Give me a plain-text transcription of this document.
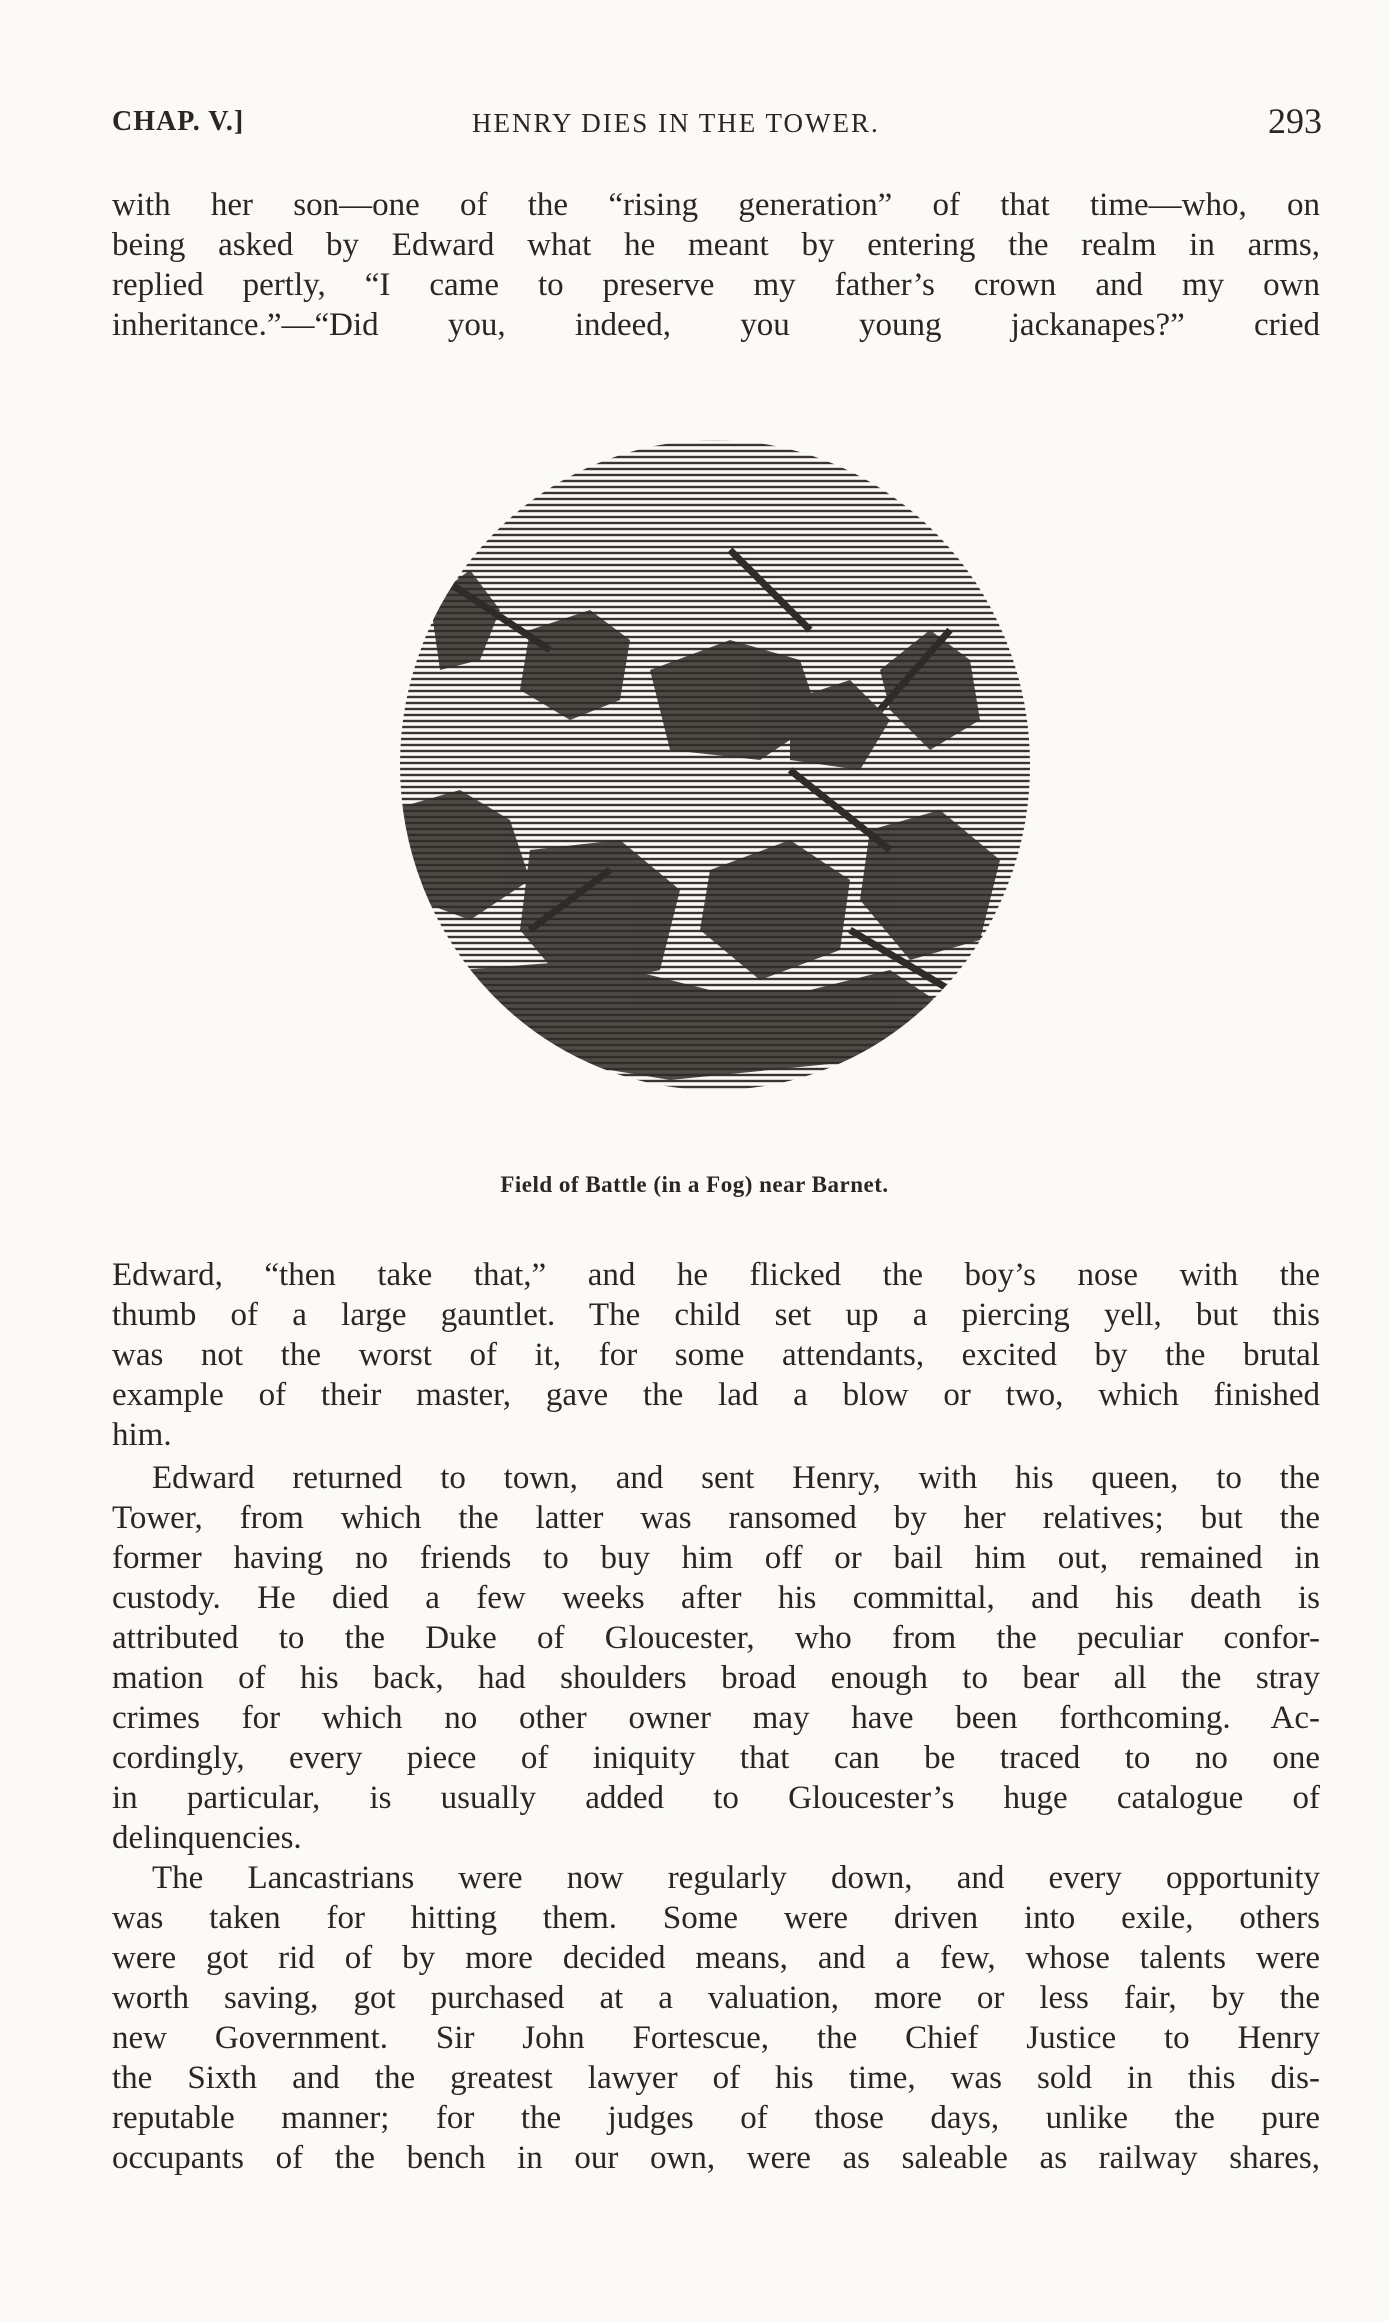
CHAP. V.]	HENRY DIES IN THE TOWER.	293

with her son—one of the “rising generation” of that time—who, on
being asked by Edward what he meant by entering the realm in arms,
replied pertly, “I came to preserve my father’s crown and my own
inheritance.”—“Did you, indeed, you young jackanapes?” cried

Field of Battle (in a Fog) near Barnet.

Edward, “then take that,” and he flicked the boy’s nose with the
thumb of a large gauntlet. The child set up a piercing yell, but this
was not the worst of it, for some attendants, excited by the brutal
example of their master, gave the lad a blow or two, which finished
him.

Edward returned to town, and sent Henry, with his queen, to the
Tower, from which the latter was ransomed by her relatives; but the
former having no friends to buy him off or bail him out, remained in
custody. He died a few weeks after his committal, and his death is
attributed to the Duke of Gloucester, who from the peculiar confor-
mation of his back, had shoulders broad enough to bear all the stray
crimes for which no other owner may have been forthcoming. Ac-
cordingly, every piece of iniquity that can be traced to no one
in particular, is usually added to Gloucester’s huge catalogue of
delinquencies.

The Lancastrians were now regularly down, and every opportunity
was taken for hitting them. Some were driven into exile, others
were got rid of by more decided means, and a few, whose talents were
worth saving, got purchased at a valuation, more or less fair, by the
new Government. Sir John Fortescue, the Chief Justice to Henry
the Sixth and the greatest lawyer of his time, was sold in this dis-
reputable manner; for the judges of those days, unlike the pure
occupants of the bench in our own, were as saleable as railway shares,
